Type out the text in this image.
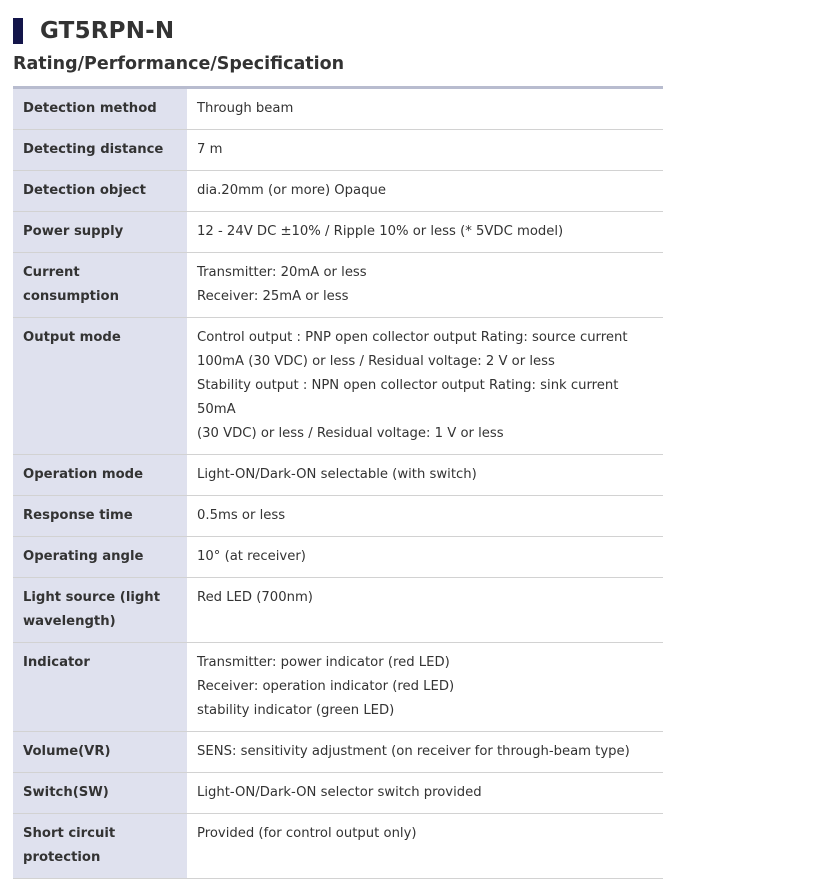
GT5RPN-N
Rating/Performance/Specification
Detection method	Through beam

Detecting distance	7 m

Detection object	dia.20mm (or more) Opaque

Power supply	12 - 24V DC ±10% / Ripple 10% or less (* 5VDC model)

Current consumption	Transmitter: 20mA or less
Receiver: 25mA or less

Output mode	Control output : PNP open collector output Rating: source current
100mA (30 VDC) or less / Residual voltage: 2 V or less
Stability output : NPN open collector output Rating: sink current 50mA
(30 VDC) or less / Residual voltage: 1 V or less

Operation mode	Light-ON/Dark-ON selectable (with switch)

Response time	0.5ms or less

Operating angle	10° (at receiver)

Light source (light wavelength)	Red LED (700nm)

Indicator	Transmitter: power indicator (red LED)
Receiver: operation indicator (red LED)
stability indicator (green LED)

Volume(VR)	SENS: sensitivity adjustment (on receiver for through-beam type)

Switch(SW)	Light-ON/Dark-ON selector switch provided

Short circuit protection	Provided (for control output only)
